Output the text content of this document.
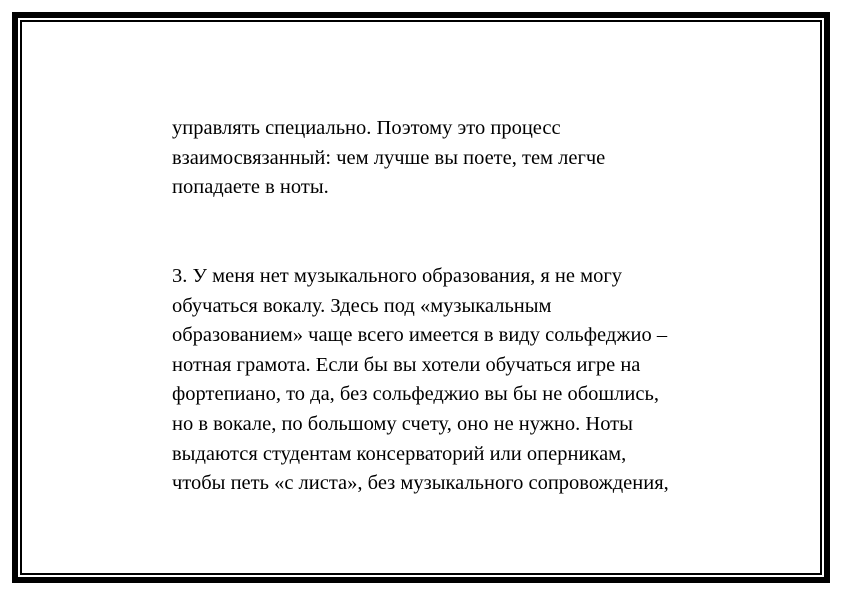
управлять специально. Поэтому это процесс
взаимосвязанный: чем лучше вы поете, тем легче
попадаете в ноты.

3. У меня нет музыкального образования, я не могу
обучаться вокалу. Здесь под «музыкальным
образованием» чаще всего имеется в виду сольфеджио –
нотная грамота. Если бы вы хотели обучаться игре на
фортепиано, то да, без сольфеджио вы бы не обошлись,
но в вокале, по большому счету, оно не нужно. Ноты
выдаются студентам консерваторий или оперникам,
чтобы петь «с листа», без музыкального сопровождения,
